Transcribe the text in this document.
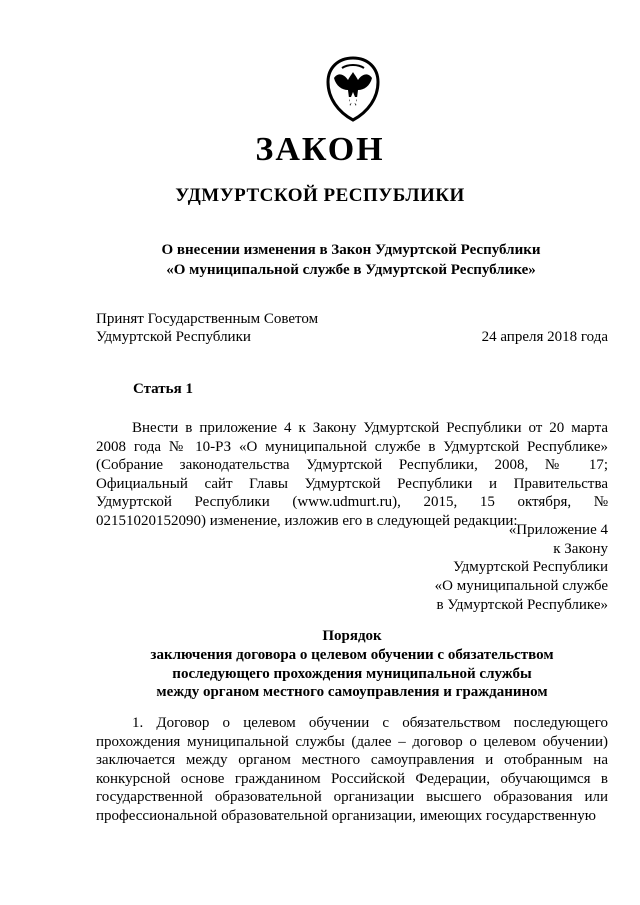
ЗАКОН
УДМУРТСКОЙ РЕСПУБЛИКИ
О внесении изменения в Закон Удмуртской Республики
«О муниципальной службе в Удмуртской Республике»
Принят Государственным Советом
Удмуртской Республики	24 апреля 2018 года
Статья 1
Внести в приложение 4 к Закону Удмуртской Республики от 20 марта 2008 года № 10-РЗ «О муниципальной службе в Удмуртской Республике» (Собрание законодательства Удмуртской Республики, 2008, № 17; Официальный сайт Главы Удмуртской Республики и Правительства Удмуртской Республики (www.udmurt.ru), 2015, 15 октября, № 02151020152090) изменение, изложив его в следующей редакции:
«Приложение 4
к Закону
Удмуртской Республики
«О муниципальной службе
в Удмуртской Республике»
Порядок
заключения договора о целевом обучении с обязательством
последующего прохождения муниципальной службы
между органом местного самоуправления и гражданином
1. Договор о целевом обучении с обязательством последующего прохождения муниципальной службы (далее – договор о целевом обучении) заключается между органом местного самоуправления и отобранным на конкурсной основе гражданином Российской Федерации, обучающимся в государственной образовательной организации высшего образования или профессиональной образовательной организации, имеющих государственную
